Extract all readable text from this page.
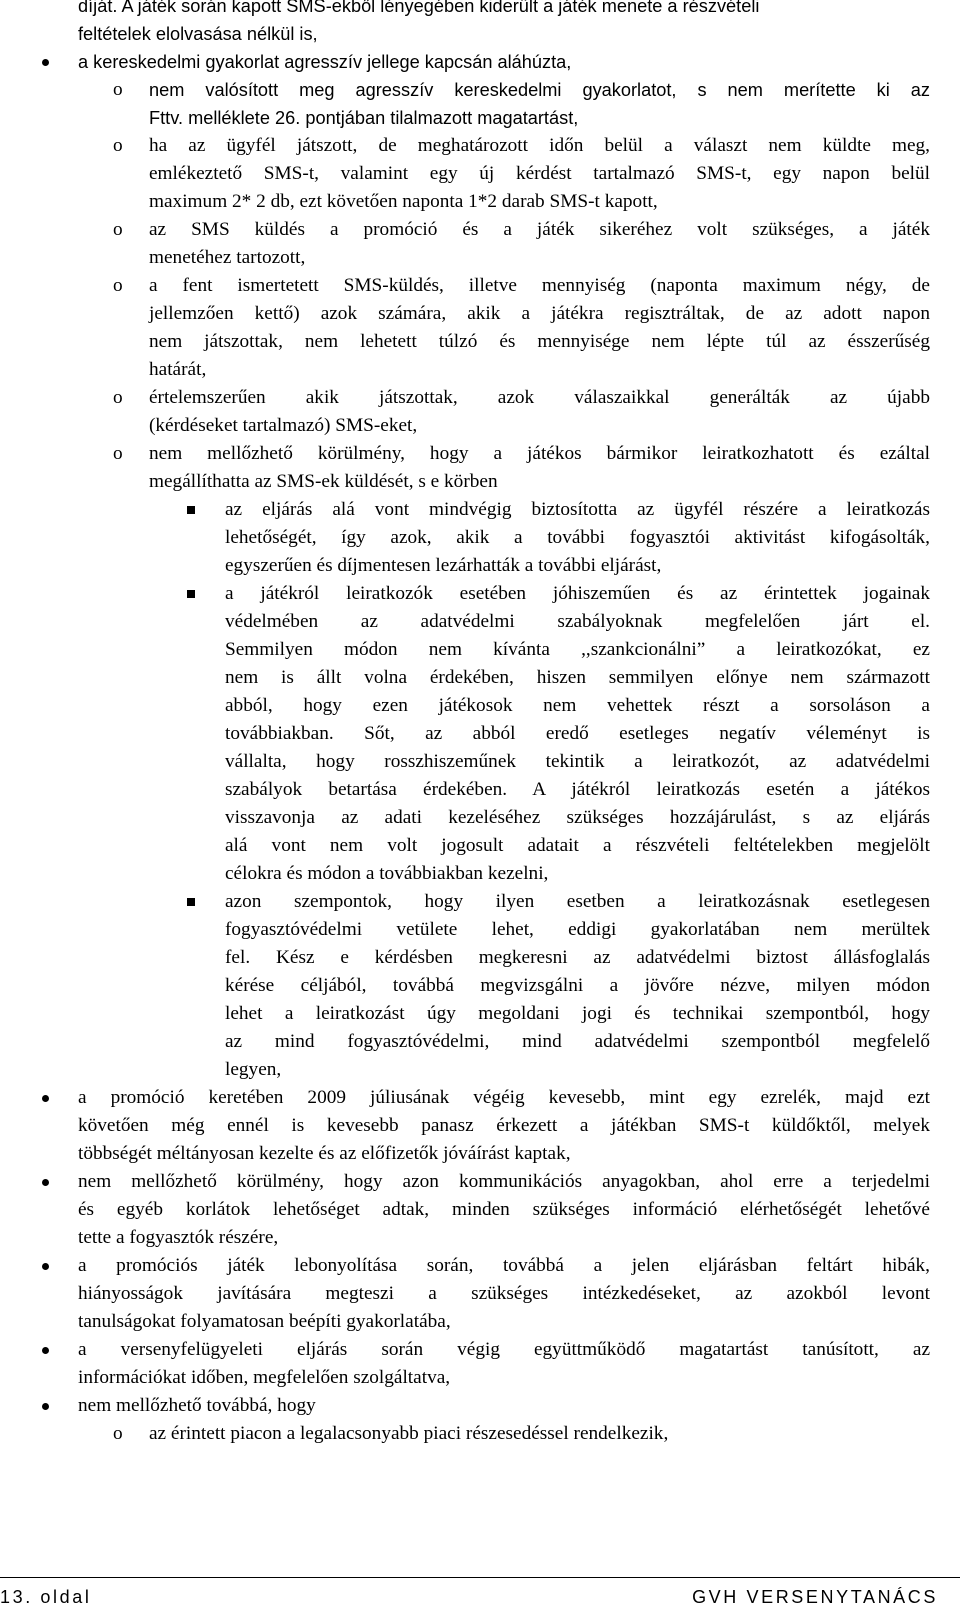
díját. A játék során kapott SMS-ekből lényegében kiderült a játék menete a részvételi
feltételek elolvasása nélkül is,
a kereskedelmi gyakorlat agresszív jellege kapcsán aláhúzta,
o nem valósított meg agresszív kereskedelmi gyakorlatot, s nem merítette ki az
Fttv. melléklete 26. pontjában tilalmazott magatartást,
o ha az ügyfél játszott, de meghatározott időn belül a választ nem küldte meg,
emlékeztető SMS-t, valamint egy új kérdést tartalmazó SMS-t, egy napon belül
maximum 2* 2 db, ezt követően naponta 1*2 darab SMS-t kapott,
o az SMS küldés a promóció és a játék sikeréhez volt szükséges, a játék
menetéhez tartozott,
o a fent ismertetett SMS-küldés, illetve mennyiség (naponta maximum négy, de
jellemzően kettő) azok számára, akik a játékra regisztráltak, de az adott napon
nem játszottak, nem lehetett túlzó és mennyisége nem lépte túl az ésszerűség
határát,
o értelemszerűen akik játszottak, azok válaszaikkal generálták az újabb
(kérdéseket tartalmazó) SMS-eket,
o nem mellőzhető körülmény, hogy a játékos bármikor leiratkozhatott és ezáltal
megállíthatta az SMS-ek küldését, s e körben
az eljárás alá vont mindvégig biztosította az ügyfél részére a leiratkozás
lehetőségét, így azok, akik a további fogyasztói aktivitást kifogásolták,
egyszerűen és díjmentesen lezárhatták a további eljárást,
a játékról leiratkozók esetében jóhiszeműen és az érintettek jogainak
védelmében az adatvédelmi szabályoknak megfelelően járt el.
Semmilyen módon nem kívánta ,,szankcionálni” a leiratkozókat, ez
nem is állt volna érdekében, hiszen semmilyen előnye nem származott
abból, hogy ezen játékosok nem vehettek részt a sorsoláson a
továbbiakban. Sőt, az abból eredő esetleges negatív véleményt is
vállalta, hogy rosszhiszeműnek tekintik a leiratkozót, az adatvédelmi
szabályok betartása érdekében. A játékról leiratkozás esetén a játékos
visszavonja az adati kezeléséhez szükséges hozzájárulást, s az eljárás
alá vont nem volt jogosult adatait a részvételi feltételekben megjelölt
célokra és módon a továbbiakban kezelni,
azon szempontok, hogy ilyen esetben a leiratkozásnak esetlegesen
fogyasztóvédelmi vetülete lehet, eddigi gyakorlatában nem merültek
fel. Kész e kérdésben megkeresni az adatvédelmi biztost állásfoglalás
kérése céljából, továbbá megvizsgálni a jövőre nézve, milyen módon
lehet a leiratkozást úgy megoldani jogi és technikai szempontból, hogy
az mind fogyasztóvédelmi, mind adatvédelmi szempontból megfelelő
legyen,
a promóció keretében 2009 júliusának végéig kevesebb, mint egy ezrelék, majd ezt
követően még ennél is kevesebb panasz érkezett a játékban SMS-t küldőktől, melyek
többségét méltányosan kezelte és az előfizetők jóváírást kaptak,
nem mellőzhető körülmény, hogy azon kommunikációs anyagokban, ahol erre a terjedelmi
és egyéb korlátok lehetőséget adtak, minden szükséges információ elérhetőségét lehetővé
tette a fogyasztók részére,
a promóciós játék lebonyolítása során, továbbá a jelen eljárásban feltárt hibák,
hiányosságok javítására megteszi a szükséges intézkedéseket, az azokból levont
tanulságokat folyamatosan beépíti gyakorlatába,
a versenyfelügyeleti eljárás során végig együttműködő magatartást tanúsított, az
információkat időben, megfelelően szolgáltatva,
nem mellőzhető továbbá, hogy
o az érintett piacon a legalacsonyabb piaci részesedéssel rendelkezik,
13. oldal	GVH VERSENYTANÁCS
